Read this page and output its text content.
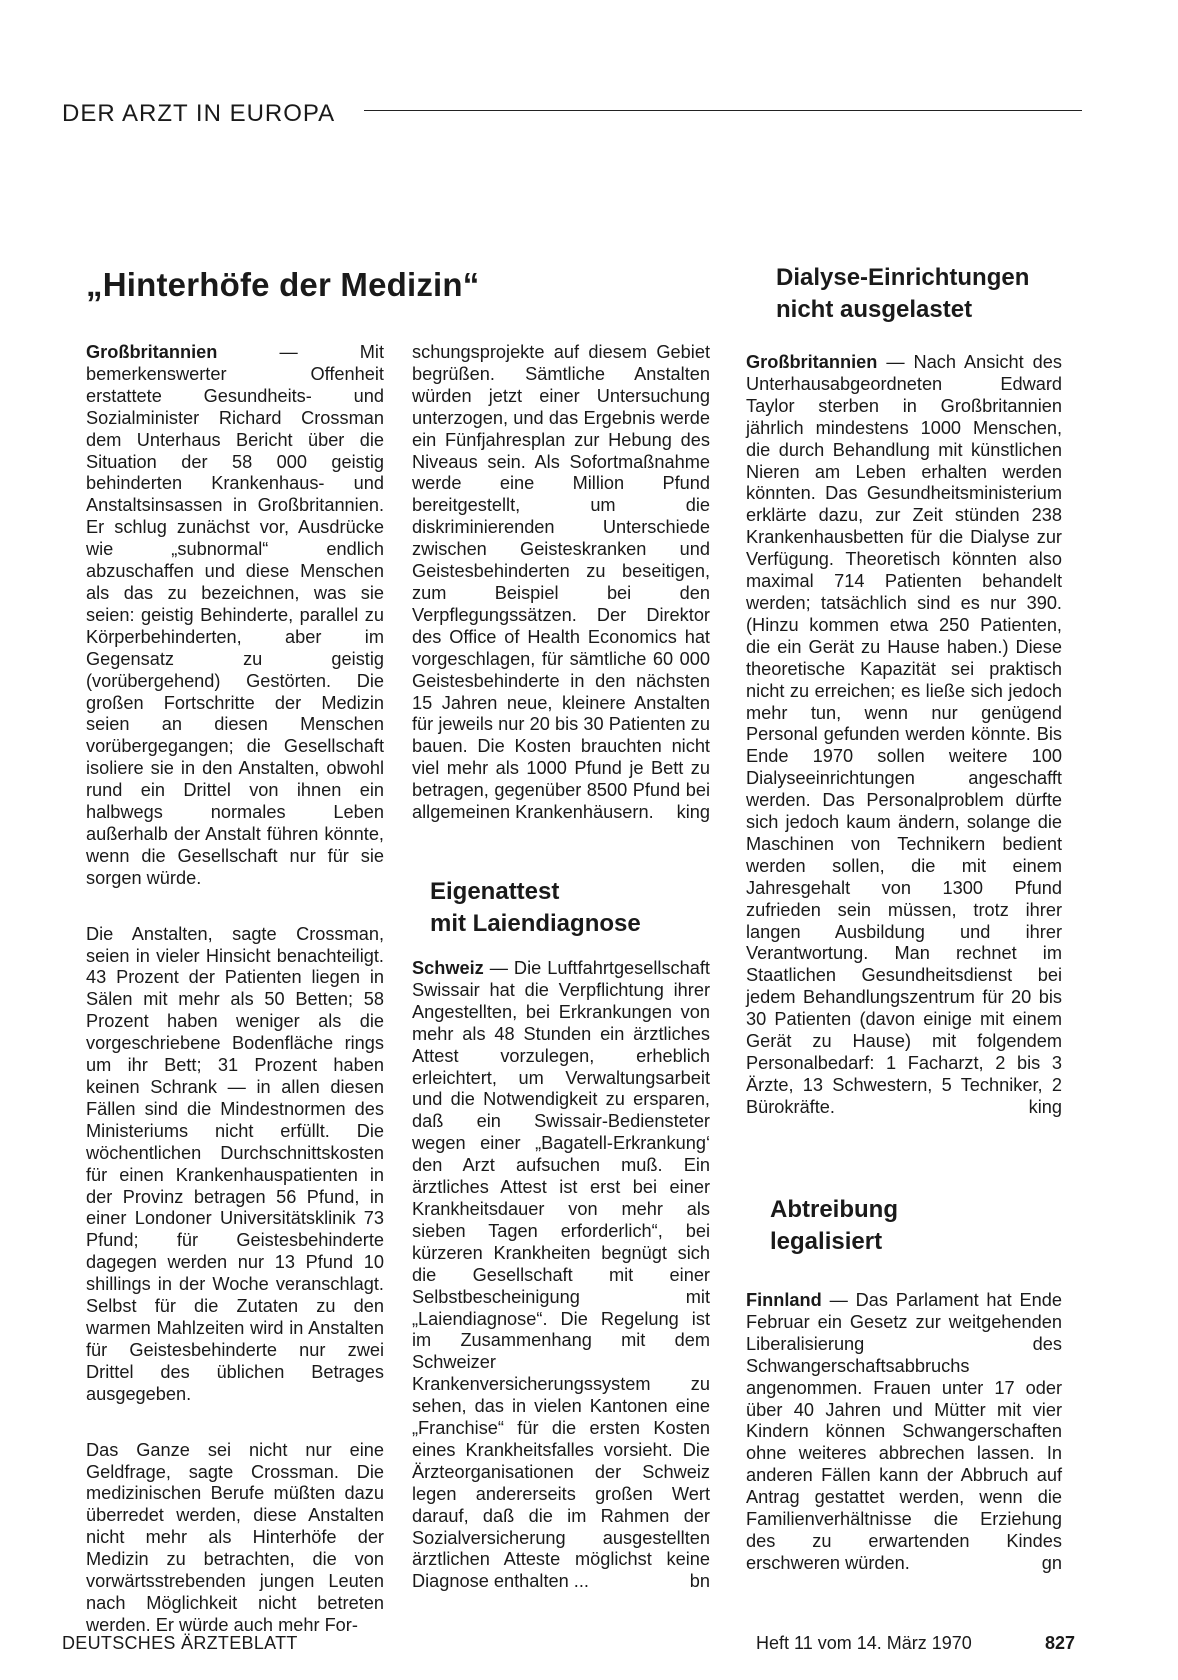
DER ARZT IN EUROPA
„Hinterhöfe der Medizin“

Großbritannien — Mit bemerkenswerter Offenheit erstattete Gesundheits- und Sozialminister Richard Crossman dem Unterhaus Bericht über die Situation der 58 000 geistig behinderten Krankenhaus- und Anstaltsinsassen in Großbritannien. Er schlug zunächst vor, Ausdrücke wie „subnormal“ endlich abzuschaffen und diese Menschen als das zu bezeichnen, was sie seien: geistig Behinderte, parallel zu Körperbehinderten, aber im Gegensatz zu geistig (vorübergehend) Gestörten. Die großen Fortschritte der Medizin seien an diesen Menschen vorübergegangen; die Gesellschaft isoliere sie in den Anstalten, obwohl rund ein Drittel von ihnen ein halbwegs normales Leben außerhalb der Anstalt führen könnte, wenn die Gesellschaft nur für sie sorgen würde.

Die Anstalten, sagte Crossman, seien in vieler Hinsicht benachteiligt. 43 Prozent der Patienten liegen in Sälen mit mehr als 50 Betten; 58 Prozent haben weniger als die vorgeschriebene Bodenfläche rings um ihr Bett; 31 Prozent haben keinen Schrank — in allen diesen Fällen sind die Mindestnormen des Ministeriums nicht erfüllt. Die wöchentlichen Durchschnittskosten für einen Krankenhauspatienten in der Provinz betragen 56 Pfund, in einer Londoner Universitätsklinik 73 Pfund; für Geistesbehinderte dagegen werden nur 13 Pfund 10 shillings in der Woche veranschlagt. Selbst für die Zutaten zu den warmen Mahlzeiten wird in Anstalten für Geistesbehinderte nur zwei Drittel des üblichen Betrages ausgegeben.

Das Ganze sei nicht nur eine Geldfrage, sagte Crossman. Die medizinischen Berufe müßten dazu überredet werden, diese Anstalten nicht mehr als Hinterhöfe der Medizin zu betrachten, die von vorwärtsstrebenden jungen Leuten nach Möglichkeit nicht betreten werden. Er würde auch mehr For-

schungsprojekte auf diesem Gebiet begrüßen. Sämtliche Anstalten würden jetzt einer Untersuchung unterzogen, und das Ergebnis werde ein Fünfjahresplan zur Hebung des Niveaus sein. Als Sofortmaßnahme werde eine Million Pfund bereitgestellt, um die diskriminierenden Unterschiede zwischen Geisteskranken und Geistesbehinderten zu beseitigen, zum Beispiel bei den Verpflegungssätzen. Der Direktor des Office of Health Economics hat vorgeschlagen, für sämtliche 60 000 Geistesbehinderte in den nächsten 15 Jahren neue, kleinere Anstalten für jeweils nur 20 bis 30 Patienten zu bauen. Die Kosten brauchten nicht viel mehr als 1000 Pfund je Bett zu betragen, gegenüber 8500 Pfund bei allgemeinen Krankenhäusern. king

Eigenattest
mit Laiendiagnose

Schweiz — Die Luftfahrtgesellschaft Swissair hat die Verpflichtung ihrer Angestellten, bei Erkrankungen von mehr als 48 Stunden ein ärztliches Attest vorzulegen, erheblich erleichtert, um Verwaltungsarbeit und die Notwendigkeit zu ersparen, daß ein Swissair-Bediensteter wegen einer „Bagatell-Erkrankung‘ den Arzt aufsuchen muß. Ein ärztliches Attest ist erst bei einer Krankheitsdauer von mehr als sieben Tagen erforderlich“, bei kürzeren Krankheiten begnügt sich die Gesellschaft mit einer Selbstbescheinigung mit „Laiendiagnose“. Die Regelung ist im Zusammenhang mit dem Schweizer Krankenversicherungssystem zu sehen, das in vielen Kantonen eine „Franchise“ für die ersten Kosten eines Krankheitsfalles vorsieht. Die Ärzteorganisationen der Schweiz legen andererseits großen Wert darauf, daß die im Rahmen der Sozialversicherung ausgestellten ärztlichen Atteste möglichst keine Diagnose enthalten ...	bn

Dialyse-Einrichtungen
nicht ausgelastet

Großbritannien — Nach Ansicht des Unterhausabgeordneten Edward Taylor sterben in Großbritannien jährlich mindestens 1000 Menschen, die durch Behandlung mit künstlichen Nieren am Leben erhalten werden könnten. Das Gesundheitsministerium erklärte dazu, zur Zeit stünden 238 Krankenhausbetten für die Dialyse zur Verfügung. Theoretisch könnten also maximal 714 Patienten behandelt werden; tatsächlich sind es nur 390. (Hinzu kommen etwa 250 Patienten, die ein Gerät zu Hause haben.) Diese theoretische Kapazität sei praktisch nicht zu erreichen; es ließe sich jedoch mehr tun, wenn nur genügend Personal gefunden werden könnte. Bis Ende 1970 sollen weitere 100 Dialyseeinrichtungen angeschafft werden. Das Personalproblem dürfte sich jedoch kaum ändern, solange die Maschinen von Technikern bedient werden sollen, die mit einem Jahresgehalt von 1300 Pfund zufrieden sein müssen, trotz ihrer langen Ausbildung und ihrer Verantwortung. Man rechnet im Staatlichen Gesundheitsdienst bei jedem Behandlungszentrum für 20 bis 30 Patienten (davon einige mit einem Gerät zu Hause) mit folgendem Personalbedarf: 1 Facharzt, 2 bis 3 Ärzte, 13 Schwestern, 5 Techniker, 2 Bürokräfte.	king

Abtreibung
legalisiert

Finnland — Das Parlament hat Ende Februar ein Gesetz zur weitgehenden Liberalisierung des Schwangerschaftsabbruchs angenommen. Frauen unter 17 oder über 40 Jahren und Mütter mit vier Kindern können Schwangerschaften ohne weiteres abbrechen lassen. In anderen Fällen kann der Abbruch auf Antrag gestattet werden, wenn die Familienverhältnisse die Erziehung des zu erwartenden Kindes erschweren würden.	gn

DEUTSCHES ÄRZTEBLATT	Heft 11 vom 14. März 1970	827
